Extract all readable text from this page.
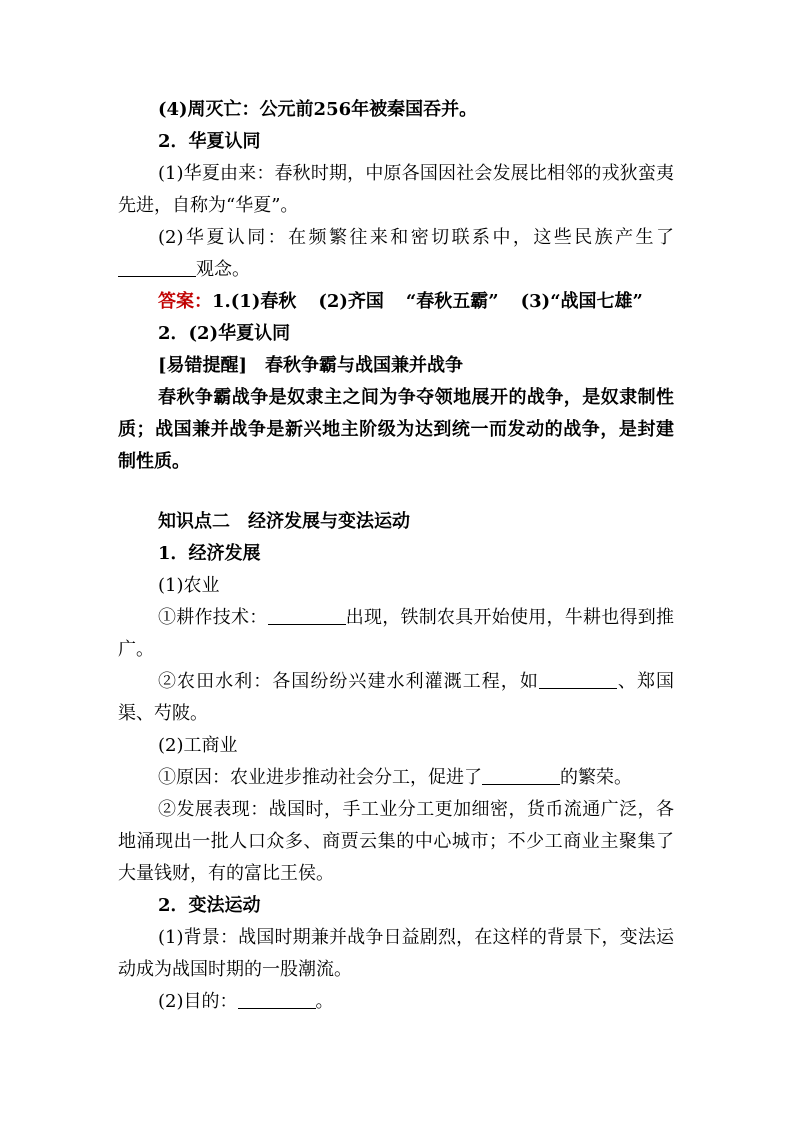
(4)周灭亡：公元前256年被秦国吞并。

2．华夏认同

(1)华夏由来：春秋时期，中原各国因社会发展比相邻的戎狄蛮夷先进，自称为“华夏”。

(2)华夏认同：在频繁往来和密切联系中，这些民族产生了观念。

答案：1.(1)春秋 (2)齐国 “春秋五霸” (3)“战国七雄”

2．(2)华夏认同

[易错提醒]　春秋争霸与战国兼并战争

春秋争霸战争是奴隶主之间为争夺领地展开的战争，是奴隶制性质；战国兼并战争是新兴地主阶级为达到统一而发动的战争，是封建制性质。

知识点二　经济发展与变法运动

1．经济发展

(1)农业

①耕作技术：	出现，铁制农具开始使用，牛耕也得到推广。

②农田水利：各国纷纷兴建水利灌溉工程，如	、郑国渠、芍陂。

(2)工商业

①原因：农业进步推动社会分工，促进了	的繁荣。

②发展表现：战国时，手工业分工更加细密，货币流通广泛，各地涌现出一批人口众多、商贾云集的中心城市；不少工商业主聚集了大量钱财，有的富比王侯。

2．变法运动

(1)背景：战国时期兼并战争日益剧烈，在这样的背景下，变法运动成为战国时期的一股潮流。

(2)目的：	。
